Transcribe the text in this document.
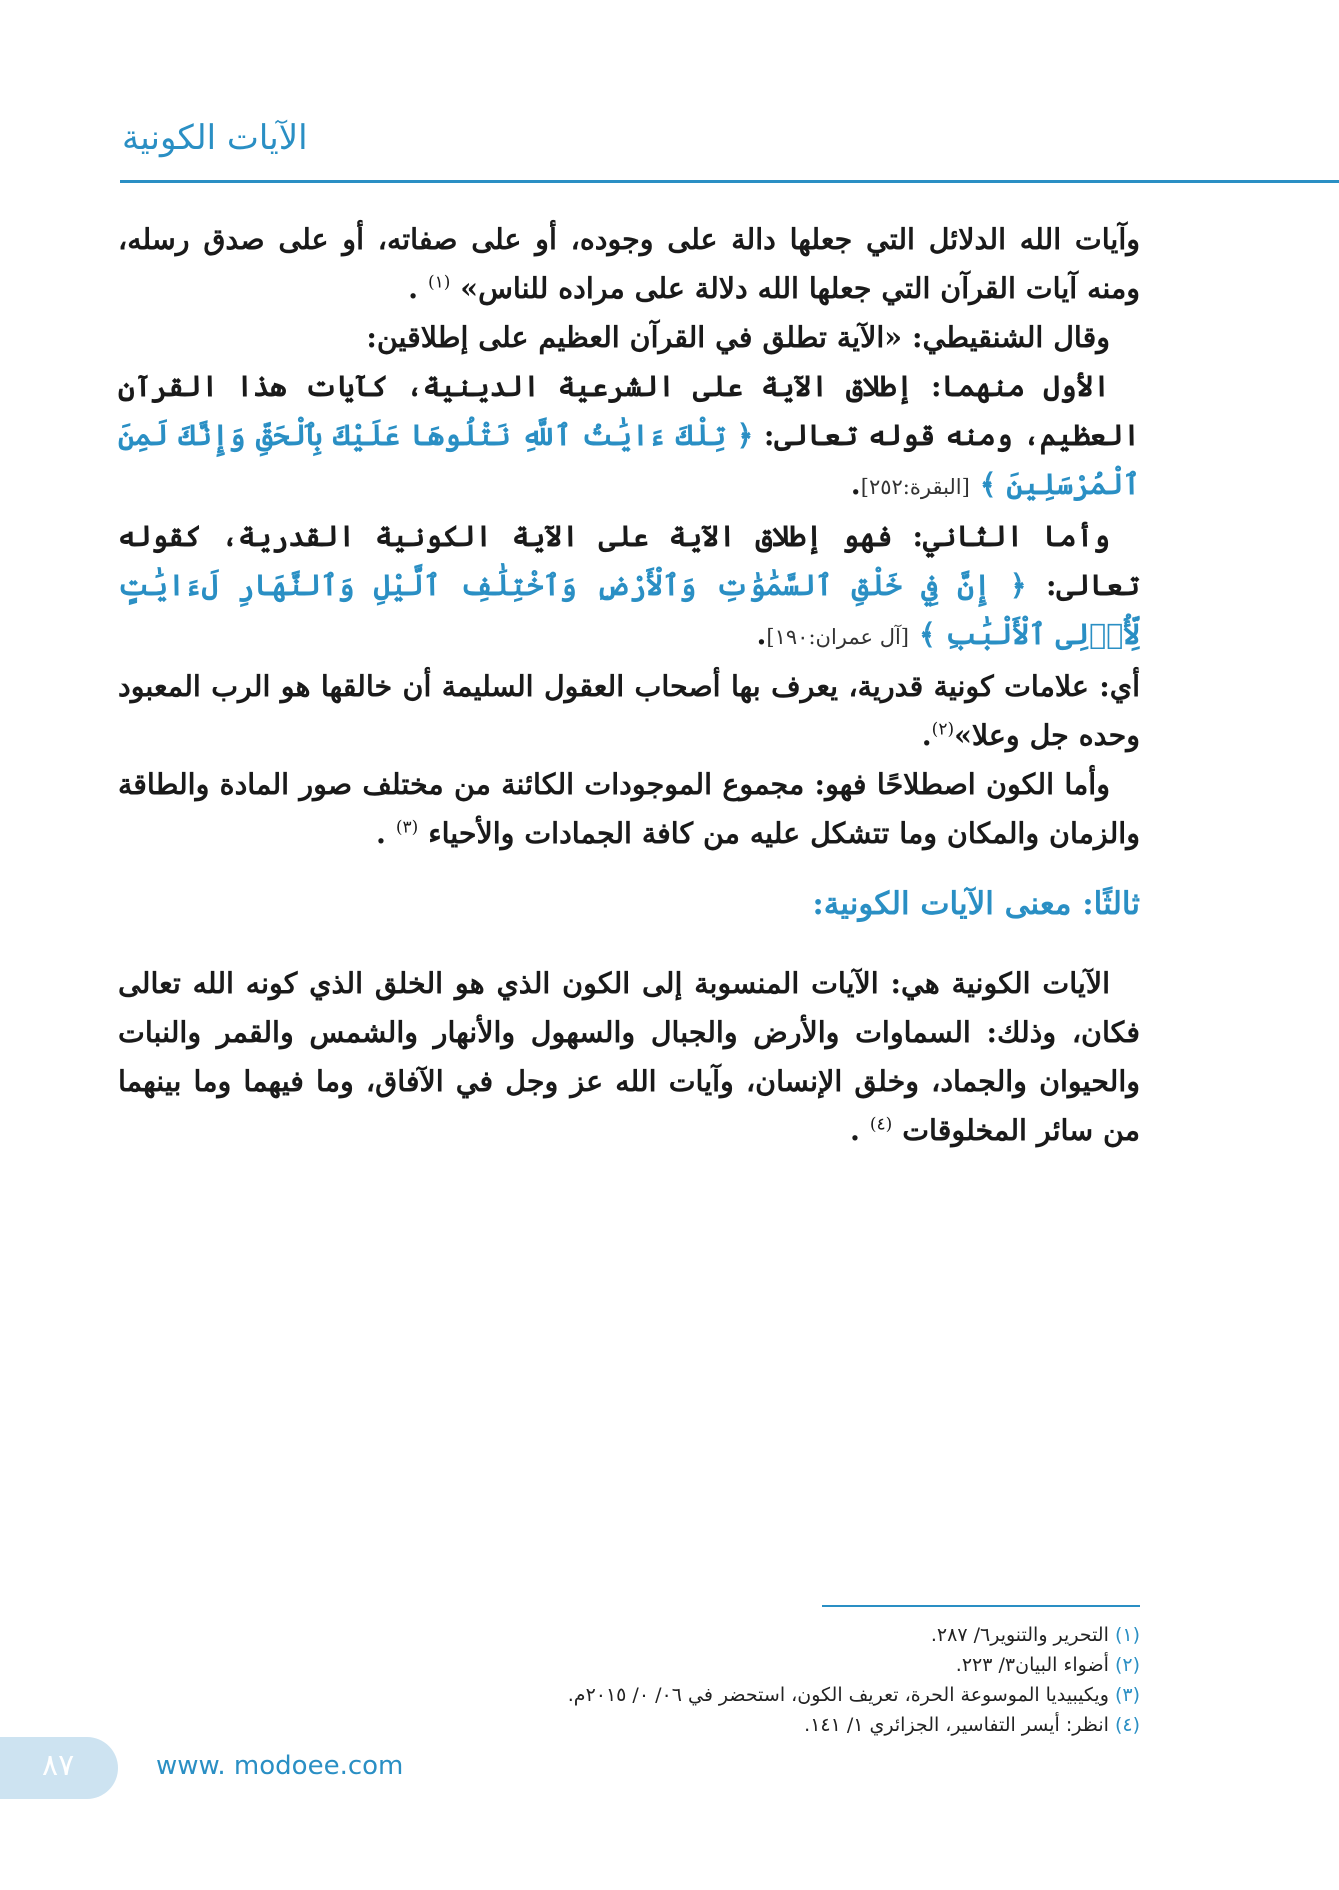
الآيات الكونية

وآيات الله الدلائل التي جعلها دالة على وجوده، أو على صفاته، أو على صدق رسله، ومنه آيات القرآن التي جعلها الله دلالة على مراده للناس» $^{(١)}$ .

وقال الشنقيطي: «الآية تطلق في القرآن العظيم على إطلاقين:

الأول منهما: إطلاق الآية على الشرعية الدينية، كآيات هذا القرآن العظيم، ومنه قوله تعالى: ﴿ تِلْكَ ءَايَٰتُ ٱللَّهِ نَتْلُوهَا عَلَيْكَ بِٱلْحَقِّ وَإِنَّكَ لَمِنَ ٱلْمُرْسَلِينَ ﴾ [البقرة:٢٥٢].

وأما الثاني: فهو إطلاق الآية على الآية الكونية القدرية، كقوله تعالى: ﴿ إِنَّ فِي خَلْقِ ٱلسَّمَٰوَٰتِ وَٱلْأَرْضِ وَٱخْتِلَٰفِ ٱلَّيْلِ وَٱلنَّهَارِ لَءَايَٰتٍ لِّأُو۟لِى ٱلْأَلْبَٰبِ ﴾ [آل عمران:١٩٠].

أي: علامات كونية قدرية، يعرف بها أصحاب العقول السليمة أن خالقها هو الرب المعبود وحده جل وعلا»$^{(٢)}$.

وأما الكون اصطلاحًا فهو: مجموع الموجودات الكائنة من مختلف صور المادة والطاقة والزمان والمكان وما تتشكل عليه من كافة الجمادات والأحياء $^{(٣)}$ .

ثالثًا: معنى الآيات الكونية:

الآيات الكونية هي: الآيات المنسوبة إلى الكون الذي هو الخلق الذي كونه الله تعالى فكان، وذلك: السماوات والأرض والجبال والسهول والأنهار والشمس والقمر والنبات والحيوان والجماد، وخلق الإنسان، وآيات الله عز وجل في الآفاق، وما فيهما وما بينهما من سائر المخلوقات $^{(٤)}$ .

(١) التحرير والتنوير٦/ ٢٨٧.
(٢) أضواء البيان٣/ ٢٢٣.
(٣) ويكيبيديا الموسوعة الحرة، تعريف الكون، استحضر في ٠٦/ ٠/ ٢٠١٥م.
(٤) انظر: أيسر التفاسير، الجزائري ١/ ١٤١.
٨٧	www. modoee.com
